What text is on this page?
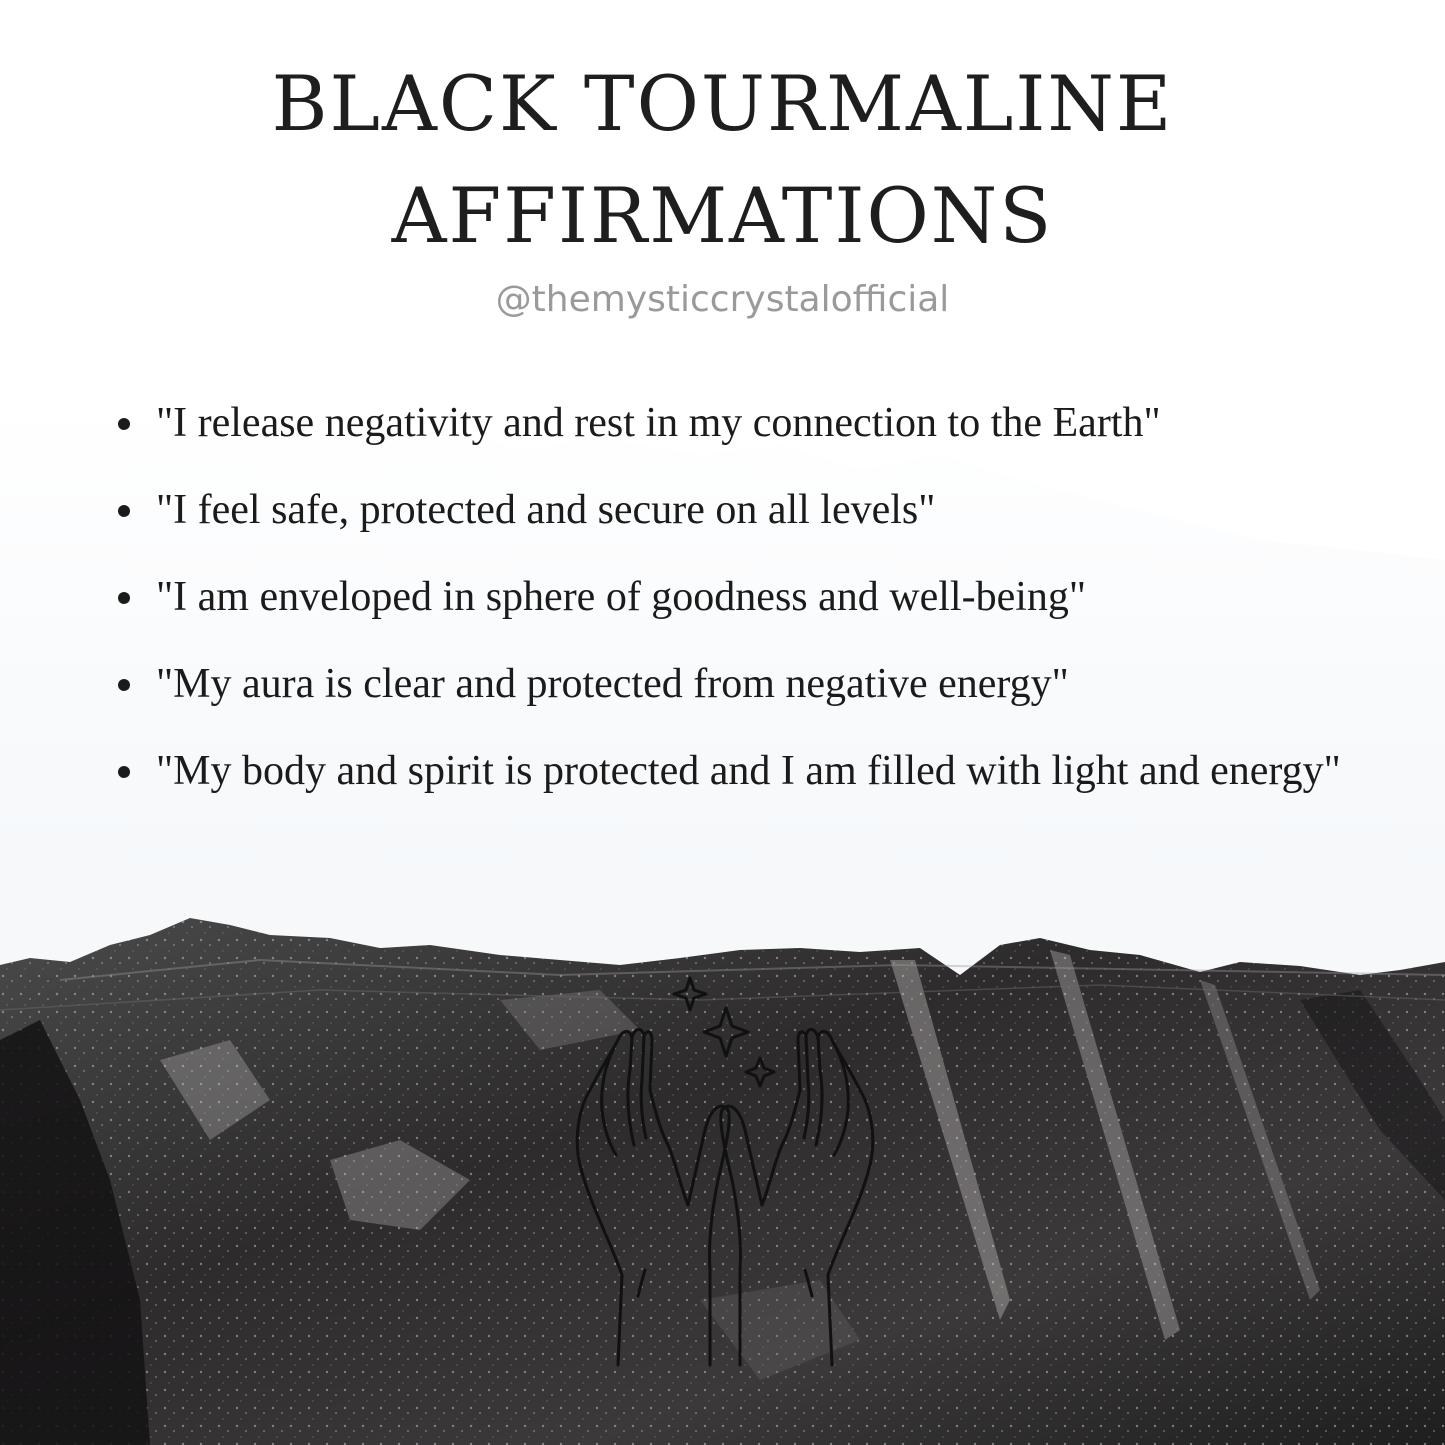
BLACK TOURMALINE
AFFIRMATIONS
@themysticcrystalofficial
"I release negativity and rest in my connection to the Earth"
"I feel safe, protected and secure on all levels"
"I am enveloped in sphere of goodness and well-being"
"My aura is clear and protected from negative energy"
"My body and spirit is protected and I am filled with light and energy"
